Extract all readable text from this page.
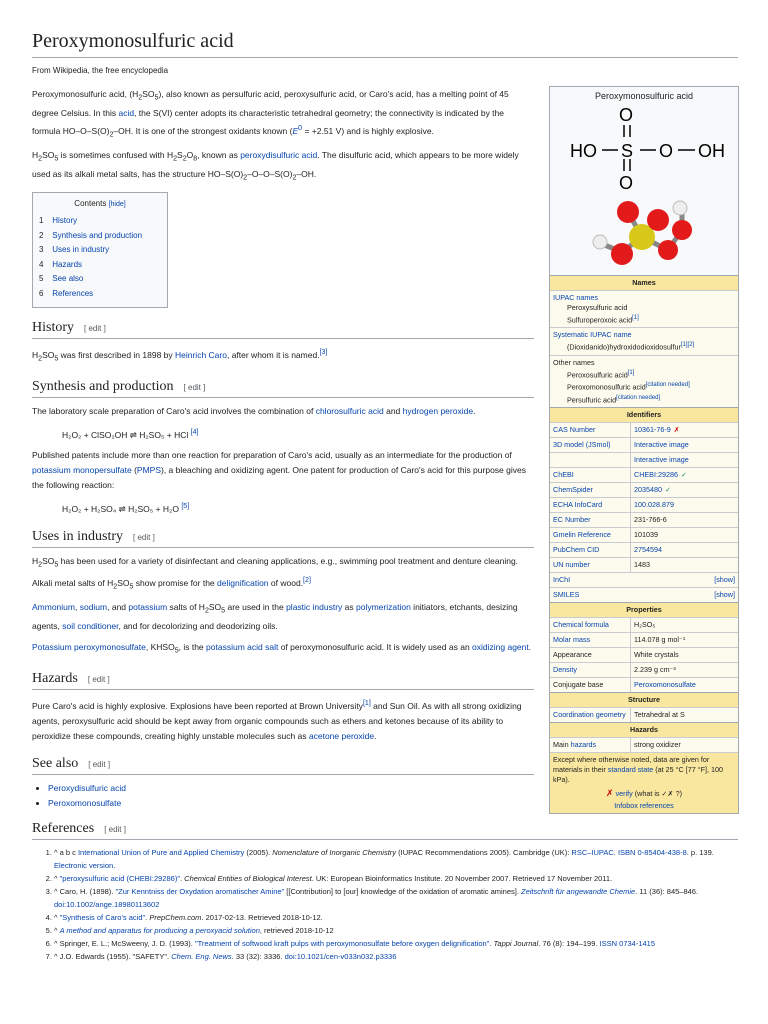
Peroxymonosulfuric acid
From Wikipedia, the free encyclopedia

Peroxymonosulfuric acid, $(H_2SO_5)$, also known as persulfuric acid, peroxysulfuric acid, or Caro's acid, has a melting point of 45 degree Celsius. In this acid, the S(VI) center adopts its characteristic tetrahedral geometry; the connectivity is indicated by the formula $HO-O-S(O)_2-OH$. It is one of the strongest oxidants known (E$^0$ = +2.51 V) and is highly explosive.

$H_2SO_5$ is sometimes confused with $H_2S_2O_8$, known as peroxydisulfuric acid. The disulfuric acid, which appears to be more widely used as its alkali metal salts, has the structure $HO-S(O)_2-O-O-S(O)_2-OH$.

Contents [hide]
1 History
2 Synthesis and production
3 Uses in industry
4 Hazards
5 See also
6 References
History [ edit ]

$H_2SO_5$ was first described in 1898 by Heinrich Caro, after whom it is named.[3]

Synthesis and production [ edit ]

The laboratory scale preparation of Caro's acid involves the combination of chlorosulfuric acid and hydrogen peroxide.

H₂O₂ + ClSO₂OH ⇌ H₂SO₅ + HCl [4]

Published patents include more than one reaction for preparation of Caro's acid, usually as an intermediate for the production of potassium monopersulfate (PMPS), a bleaching and oxidizing agent. One patent for production of Caro's acid for this purpose gives the following reaction:

H₂O₂ + H₂SO₄ ⇌ H₂SO₅ + H₂O [5]
Uses in industry [ edit ]

$H_2SO_5$ has been used for a variety of disinfectant and cleaning applications, e.g., swimming pool treatment and denture cleaning. Alkali metal salts of $H_2SO_5$ show promise for the delignification of wood.[2]

Ammonium, sodium, and potassium salts of $H_2SO_5$ are used in the plastic industry as polymerization initiators, etchants, desizing agents, soil conditioner, and for decolorizing and deodorizing oils.

Potassium peroxymonosulfate, $KHSO_5$, is the potassium acid salt of peroxymonosulfuric acid. It is widely used as an oxidizing agent.

Hazards [ edit ]

Pure Caro's acid is highly explosive. Explosions have been reported at Brown University[1] and Sun Oil. As with all strong oxidizing agents, peroxysulfuric acid should be kept away from organic compounds such as ethers and ketones because of its ability to peroxidize these compounds, creating highly unstable molecules such as acetone peroxide.

See also [ edit ]
• Peroxydisulfuric acid
• Peroxomonosulfate
References [ edit ]
1. ^ a b c International Union of Pure and Applied Chemistry (2005). Nomenclature of Inorganic Chemistry (IUPAC Recommendations 2005). Cambridge (UK): RSC–IUPAC. ISBN 0-85404-438-8. p. 139. Electronic version.
2. ^ "peroxysulfuric acid (CHEBI:29286)". Chemical Entities of Biological Interest. UK: European Bioinformatics Institute. 20 November 2007. Retrieved 17 November 2011.
3. ^ Caro, H. (1898). "Zur Kenntniss der Oxydation aromatischer Amine" [[Contribution] to [our] knowledge of the oxidation of aromatic amines]. Zeitschrift für angewandte Chemie. 11 (36): 845–846. doi:10.1002/ange.18980113602
4. ^ "Synthesis of Caro's acid". PrepChem.com. 2017-02-13. Retrieved 2018-10-12.
5. ^ A method and apparatus for producing a peroxyacid solution, retrieved 2018-10-12
6. ^ Springer, E. L.; McSweeny, J. D. (1993). "Treatment of softwood kraft pulps with peroxymonosulfate before oxygen delignification". Tappi Journal. 76 (8): 194–199. ISSN 0734-1415
7. ^ J.O. Edwards (1955). "SAFETY". Chem. Eng. News. 33 (32): 3336. doi:10.1021/cen-v033n032.p3336
Peroxymonosulfuric acid
HO S
O
O
O OH

Names
IUPAC names
Peroxysulfuric acid
Sulfuroperoxoic acid[1]
Systematic IUPAC name
(Dioxidanido)hydroxidodioxidosulfur[1][2]
Other names
Peroxosulfuric acid[1]
Peroxomonosulfuric acid[citation needed]
Persulfuric acid[citation needed]
Identifiers
CAS Number	10361-76-9 ✗
3D model (JSmol)	Interactive image
Interactive image
ChEBI	CHEBI:29286 ✓
ChemSpider	2035480 ✓
ECHA InfoCard	100.028.879
EC Number	231-766-6
Gmelin Reference	101039
PubChem CID	2754594
UN number	1483
InChI	[show]
SMILES	[show]
Properties
Chemical formula	H₂SO₅
Molar mass	114.078 g mol⁻¹
Appearance	White crystals
Density	2.239 g cm⁻³
Conjugate base	Peroxomonosulfate
Structure
Coordination geometry	Tetrahedral at S
Hazards
Main hazards	strong oxidizer
Except where otherwise noted, data are given for materials in their standard state (at 25 °C [77 °F], 100 kPa).
✗ verify (what is ✓✗ ?)
Infobox references
